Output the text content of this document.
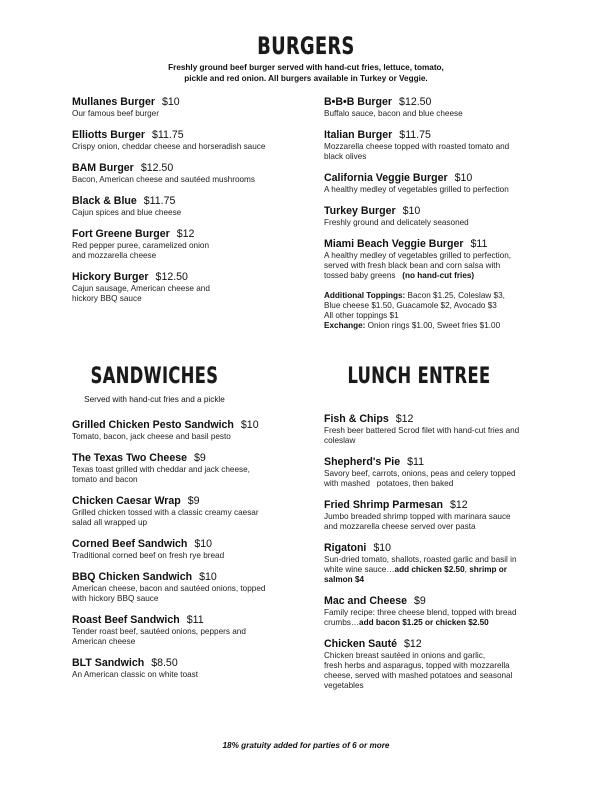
BURGERS
Freshly ground beef burger served with hand-cut fries, lettuce, tomato,
pickle and red onion. All burgers available in Turkey or Veggie.
Mullanes Burger $10
Our famous beef burger
Elliotts Burger $11.75
Crispy onion, cheddar cheese and horseradish sauce
BAM Burger $12.50
Bacon, American cheese and sautéed mushrooms
Black & Blue $11.75
Cajun spices and blue cheese
Fort Greene Burger $12
Red pepper puree, caramelized onion
and mozzarella cheese
Hickory Burger $12.50
Cajun sausage, American cheese and
hickory BBQ sauce
B•B•B Burger $12.50
Buffalo sauce, bacon and blue cheese
Italian Burger $11.75
Mozzarella cheese topped with roasted tomato and
black olives
California Veggie Burger $10
A healthy medley of vegetables grilled to perfection
Turkey Burger $10
Freshly ground and delicately seasoned
Miami Beach Veggie Burger $11
A healthy medley of vegetables grilled to perfection,
served with fresh black bean and corn salsa with
tossed baby greens (no hand-cut fries)
Additional Toppings: Bacon $1.25, Coleslaw $3,
Blue cheese $1.50, Guacamole $2, Avocado $3
All other toppings $1
Exchange: Onion rings $1.00, Sweet fries $1.00
SANDWICHES
Served with hand-cut fries and a pickle
Grilled Chicken Pesto Sandwich $10
Tomato, bacon, jack cheese and basil pesto
The Texas Two Cheese $9
Texas toast grilled with cheddar and jack cheese,
tomato and bacon
Chicken Caesar Wrap $9
Grilled chicken tossed with a classic creamy caesar
salad all wrapped up
Corned Beef Sandwich $10
Traditional corned beef on fresh rye bread
BBQ Chicken Sandwich $10
American cheese, bacon and sautéed onions, topped
with hickory BBQ sauce
Roast Beef Sandwich $11
Tender roast beef, sautéed onions, peppers and
American cheese
BLT Sandwich $8.50
An American classic on white toast
LUNCH ENTREE
Fish & Chips $12
Fresh beer battered Scrod filet with hand-cut fries and
coleslaw
Shepherd's Pie $11
Savory beef, carrots, onions, peas and celery topped
with mashed   potatoes, then baked
Fried Shrimp Parmesan $12
Jumbo breaded shrimp topped with marinara sauce
and mozzarella cheese served over pasta
Rigatoni $10
Sun-dried tomato, shallots, roasted garlic and basil in
white wine sauce…add chicken $2.50, shrimp or
salmon $4
Mac and Cheese $9
Family recipe: three cheese blend, topped with bread
crumbs…add bacon $1.25 or chicken $2.50
Chicken Sauté $12
Chicken breast sautéed in onions and garlic,
fresh herbs and asparagus, topped with mozzarella
cheese, served with mashed potatoes and seasonal
vegetables
18% gratuity added for parties of 6 or more
